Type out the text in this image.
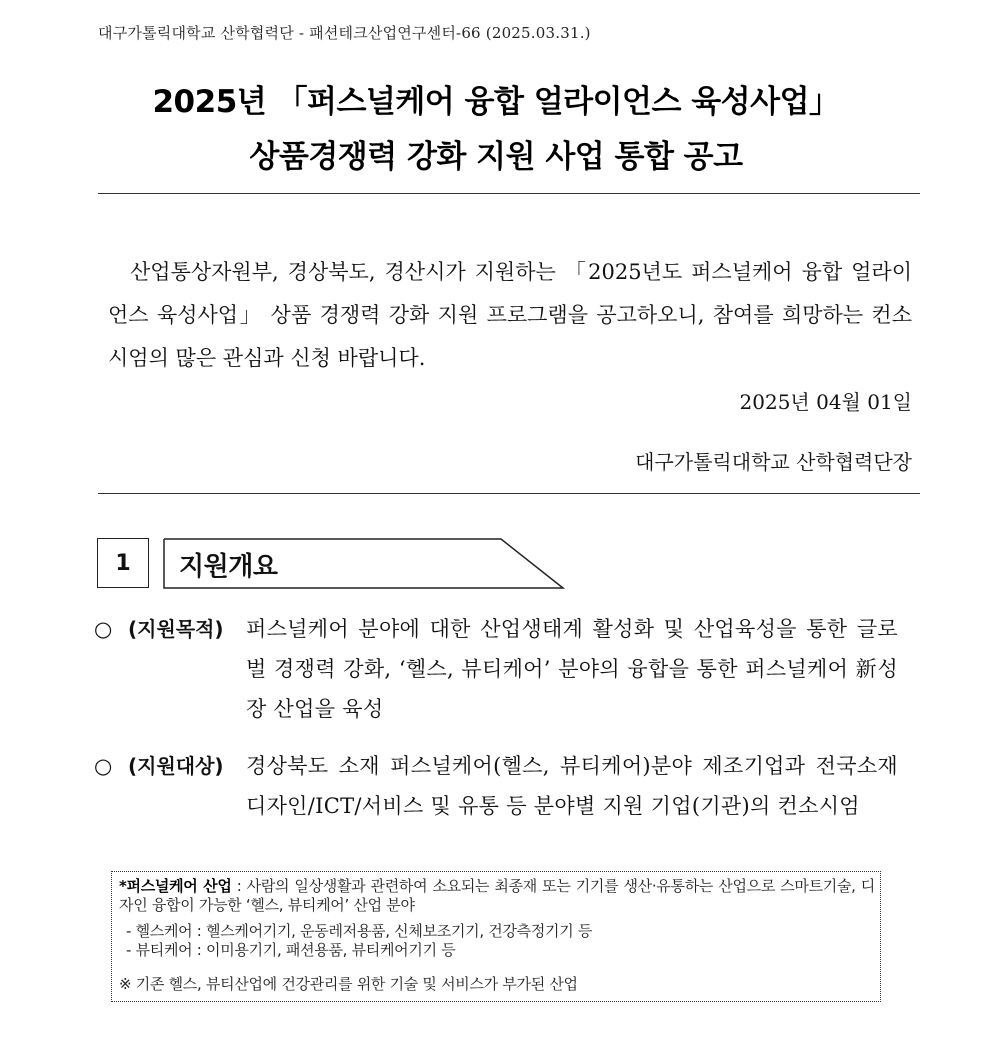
대구가톨릭대학교 산학협력단 - 패션테크산업연구센터-66 (2025.03.31.)
2025년 「퍼스널케어 융합 얼라이언스 육성사업」
상품경쟁력 강화 지원 사업 통합 공고
산업통상자원부, 경상북도, 경산시가 지원하는 「2025년도 퍼스널케어 융합 얼라이언스 육성사업」 상품 경쟁력 강화 지원 프로그램을 공고하오니, 참여를 희망하는 컨소시엄의 많은 관심과 신청 바랍니다.
2025년 04월 01일
대구가톨릭대학교 산학협력단장
1	지원개요
○ (지원목적) 퍼스널케어 분야에 대한 산업생태계 활성화 및 산업육성을 통한 글로벌 경쟁력 강화, ‘헬스, 뷰티케어’ 분야의 융합을 통한 퍼스널케어 新성장 산업을 육성
○ (지원대상) 경상북도 소재 퍼스널케어(헬스, 뷰티케어)분야 제조기업과 전국소재 디자인/ICT/서비스 및 유통 등 분야별 지원 기업(기관)의 컨소시엄
*퍼스널케어 산업 : 사람의 일상생활과 관련하여 소요되는 최종재 또는 기기를 생산·유통하는 산업으로 스마트기술, 디자인 융합이 가능한 ‘헬스, 뷰티케어’ 산업 분야
- 헬스케어 : 헬스케어기기, 운동레저용품, 신체보조기기, 건강측정기기 등
- 뷰티케어 : 이미용기기, 패션용품, 뷰티케어기기 등
※ 기존 헬스, 뷰티산업에 건강관리를 위한 기술 및 서비스가 부가된 산업
